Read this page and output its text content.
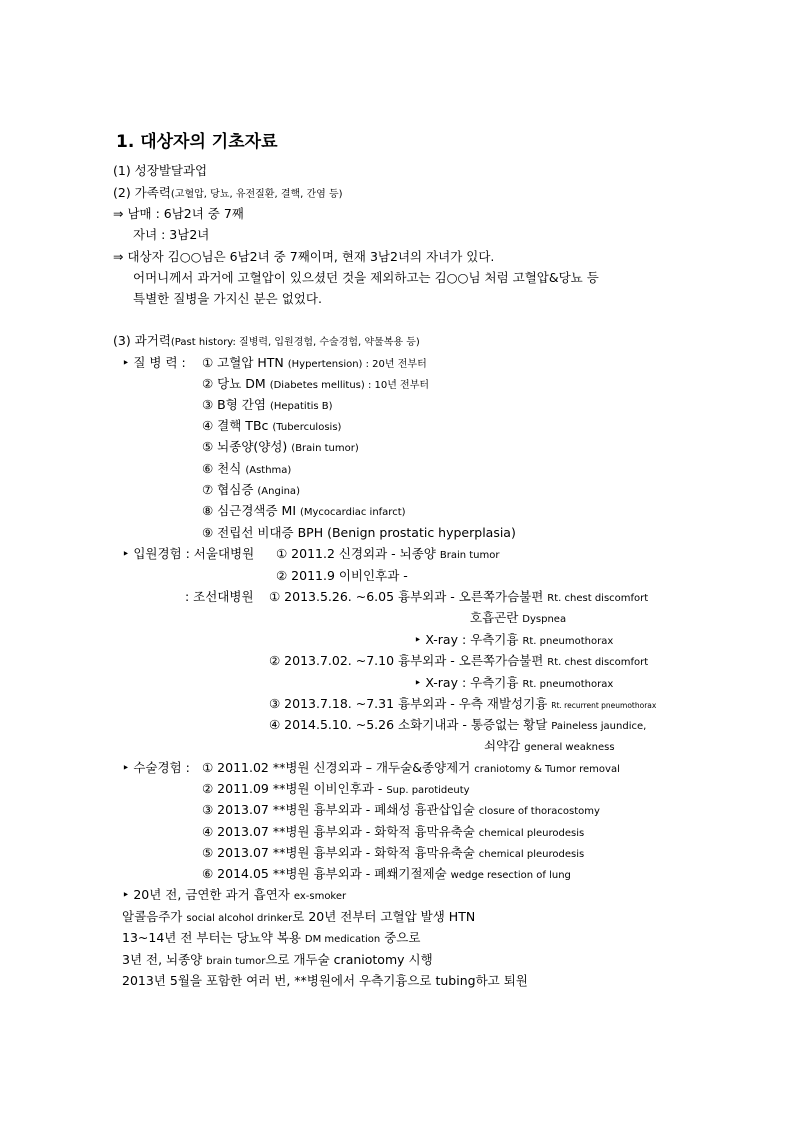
1. 대상자의 기초자료
(1) 성장발달과업
(2) 가족력(고혈압, 당뇨, 유전질환, 결핵, 간염 등)
⇒ 남매 : 6남2녀 중 7째
자녀 : 3남2녀
⇒ 대상자 김○○님은 6남2녀 중 7째이며, 현재 3남2녀의 자녀가 있다.
어머니께서 과거에 고혈압이 있으셨던 것을 제외하고는 김○○님 처럼 고혈압&당뇨 등
특별한 질병을 가지신 분은 없었다.
(3) 과거력(Past history: 질병력, 입원경험, 수술경험, 약물복용 등)
‣ 질 병 력 : ① 고혈압 HTN (Hypertension) : 20년 전부터
② 당뇨 DM (Diabetes mellitus) : 10년 전부터
③ B형 간염 (Hepatitis B)
④ 결핵 TBc (Tuberculosis)
⑤ 뇌종양(양성) (Brain tumor)
⑥ 천식 (Asthma)
⑦ 협심증 (Angina)
⑧ 심근경색증 MI (Mycocardiac infarct)
⑨ 전립선 비대증 BPH (Benign prostatic hyperplasia)
‣ 입원경험 : 서울대병원 ① 2011.2 신경외과 - 뇌종양 Brain tumor
② 2011.9 이비인후과 -
: 조선대병원 ① 2013.5.26. ~6.05 흉부외과 - 오른쪽가슴불편 Rt. chest discomfort
호흡곤란 Dyspnea
‣ X-ray : 우측기흉 Rt. pneumothorax
② 2013.7.02. ~7.10 흉부외과 - 오른쪽가슴불편 Rt. chest discomfort
‣ X-ray : 우측기흉 Rt. pneumothorax
③ 2013.7.18. ~7.31 흉부외과 - 우측 재발성기흉 Rt. recurrent pneumothorax
④ 2014.5.10. ~5.26 소화기내과 - 통증없는 황달 Paineless jaundice,
쇠약감 general weakness
‣ 수술경험 : ① 2011.02 **병원 신경외과 – 개두술&종양제거 craniotomy & Tumor removal
② 2011.09 **병원 이비인후과 - Sup. parotideuty
③ 2013.07 **병원 흉부외과 - 폐쇄성 흉관삽입술 closure of thoracostomy
④ 2013.07 **병원 흉부외과 - 화학적 흉막유축술 chemical pleurodesis
⑤ 2013.07 **병원 흉부외과 - 화학적 흉막유축술 chemical pleurodesis
⑥ 2014.05 **병원 흉부외과 - 폐쐐기절제술 wedge resection of lung
‣ 20년 전, 금연한 과거 흡연자 ex-smoker
알콜음주가 social alcohol drinker로 20년 전부터 고혈압 발생 HTN
13~14년 전 부터는 당뇨약 복용 DM medication 중으로
3년 전, 뇌종양 brain tumor으로 개두술 craniotomy 시행
2013년 5월을 포함한 여러 번, **병원에서 우측기흉으로 tubing하고 퇴원
